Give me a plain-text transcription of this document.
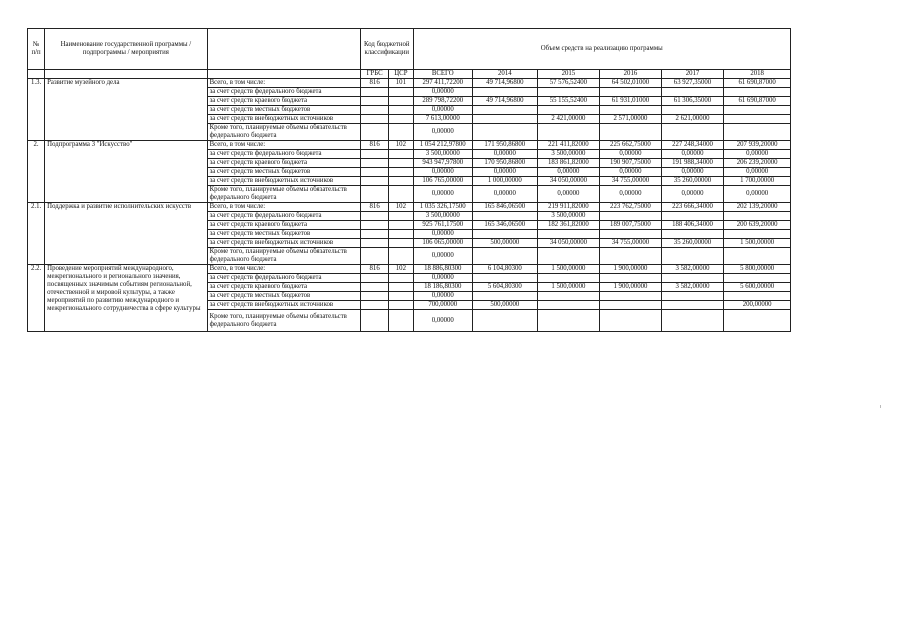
№ п/п	Наименование государственной программы / подпрограммы / мероприятия		Код бюджетной классификации		Объем средств на реализацию программы					

			ГРБС	ЦСР	ВСЕГО	2014	2015	2016	2017	2018
1.3.	Развитие музейного дела	Всего, в том числе:	816	101	297 411,72200	49 714,96800	57 576,52400	64 502,01000	63 927,35000	61 690,87000
		за счет средств федерального бюджета			0,00000					
		за счет средств краевого бюджета			289 798,72200	49 714,96800	55 155,52400	61 931,01000	61 306,35000	61 690,87000
		за счет средств местных бюджетов			0,00000					
		за счет средств внебюджетных источников			7 613,00000		2 421,00000	2 571,00000	2 621,00000	
		Кроме того, планируемые объемы обязательств федерального бюджета			0,00000					
2.	Подпрограмма 3 "Искусство"	Всего, в том числе:	816	102	1 054 212,97800	171 950,86800	221 411,82000	225 662,75000	227 248,34000	207 939,20000
		за счет средств федерального бюджета			3 500,00000	0,00000	3 500,00000	0,00000	0,00000	0,00000
		за счет средств краевого бюджета			943 947,97800	170 950,86800	183 861,82000	190 907,75000	191 988,34000	206 239,20000
		за счет средств местных бюджетов			0,00000	0,00000	0,00000	0,00000	0,00000	0,00000
		за счет средств внебюджетных источников			106 765,00000	1 000,00000	34 050,00000	34 755,00000	35 260,00000	1 700,00000
		Кроме того, планируемые объемы обязательств федерального бюджета			0,00000	0,00000	0,00000	0,00000	0,00000	0,00000
2.1.	Поддержка и развитие исполнительских искусств	Всего, в том числе:	816	102	1 035 326,17500	165 846,06500	219 911,82000	223 762,75000	223 666,34000	202 139,20000
		за счет средств федерального бюджета			3 500,00000		3 500,00000			
		за счет средств краевого бюджета			925 761,17500	165 346,06500	182 361,82000	189 007,75000	188 406,34000	200 639,20000
		за счет средств местных бюджетов			0,00000					
		за счет средств внебюджетных источников			106 065,00000	500,00000	34 050,00000	34 755,00000	35 260,00000	1 500,00000
		Кроме того, планируемые объемы обязательств федерального бюджета			0,00000					
2.2.	Проведение мероприятий международного, межрегионального и регионального значения, посвященных значимым событиям региональной, отечественной и мировой культуры, а также мероприятий по развитию международного и межрегионального сотрудничества в сфере культуры	Всего, в том числе:	816	102	18 886,80300	6 104,80300	1 500,00000	1 900,00000	3 582,00000	5 800,00000
		за счет средств федерального бюджета			0,00000					
		за счет средств краевого бюджета			18 186,80300	5 604,80300	1 500,00000	1 900,00000	3 582,00000	5 600,00000
		за счет средств местных бюджетов			0,00000					
		за счет средств внебюджетных источников			700,00000	500,00000				200,00000
		Кроме того, планируемые объемы обязательств федерального бюджета			0,00000					
